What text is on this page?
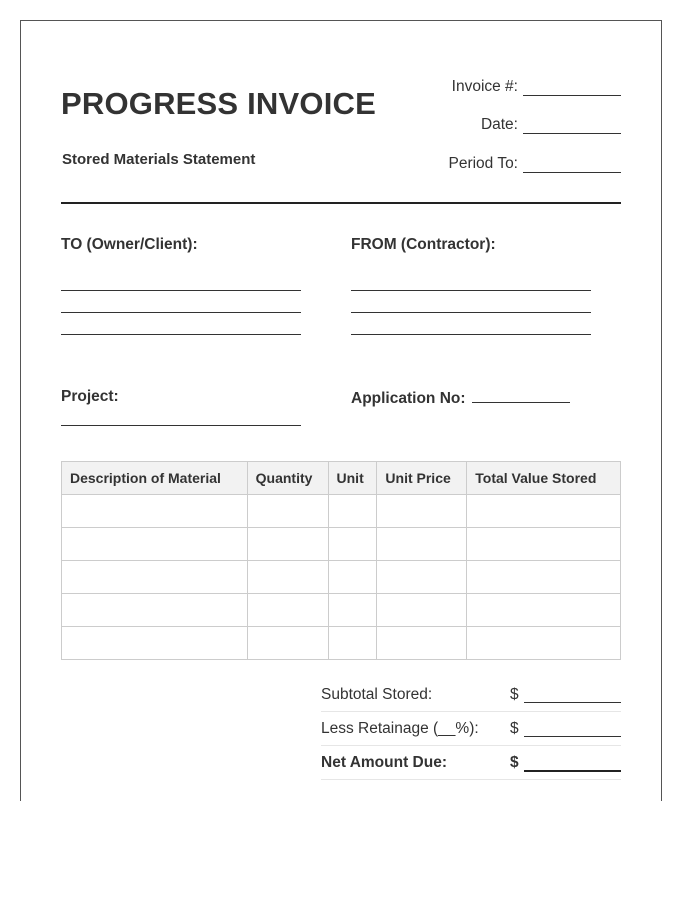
PROGRESS INVOICE
Stored Materials Statement
Invoice #:
Date:
Period To:
TO (Owner/Client):	FROM (Contractor):
Project:	Application No:
Description of Material	Quantity	Unit	Unit Price	Total Value Stored

Subtotal Stored:	$
Less Retainage (__%): $
Net Amount Due:	$
